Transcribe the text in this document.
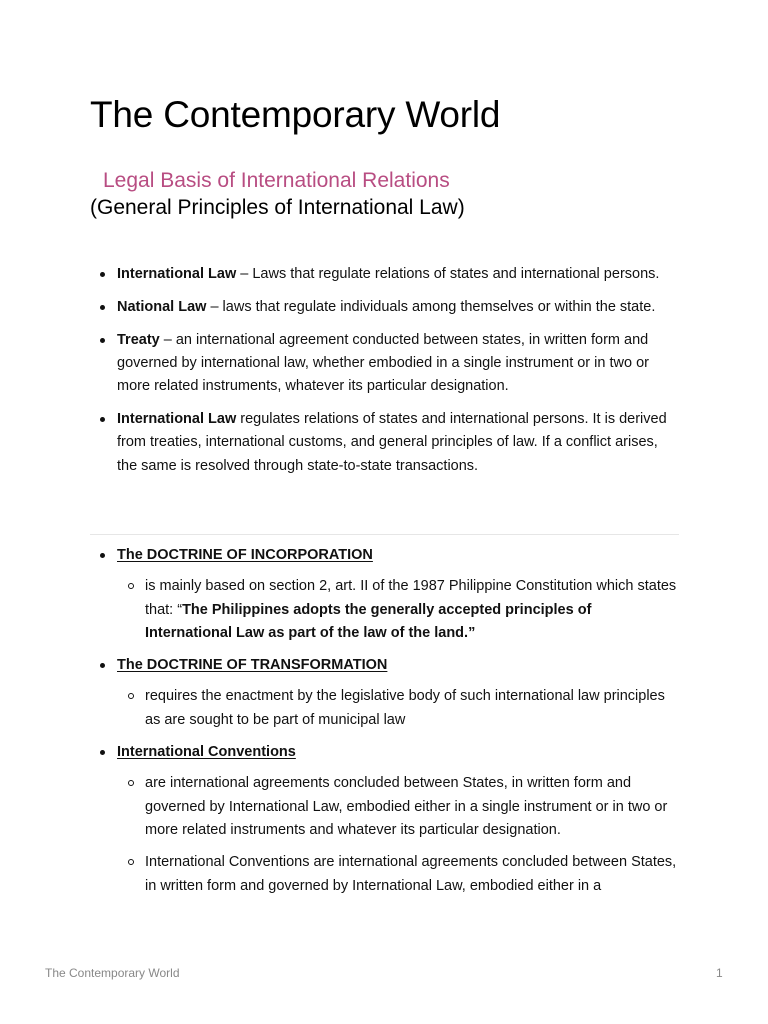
The Contemporary World
Legal Basis of International Relations
(General Principles of International Law)
International Law – Laws that regulate relations of states and international persons.
National Law – laws that regulate individuals among themselves or within the state.
Treaty – an international agreement conducted between states, in written form and governed by international law, whether embodied in a single instrument or in two or more related instruments, whatever its particular designation.
International Law regulates relations of states and international persons. It is derived from treaties, international customs, and general principles of law. If a conflict arises, the same is resolved through state-to-state transactions.
The DOCTRINE OF INCORPORATION
is mainly based on section 2, art. II of the 1987 Philippine Constitution which states that: “The Philippines adopts the generally accepted principles of International Law as part of the law of the land.”
The DOCTRINE OF TRANSFORMATION
requires the enactment by the legislative body of such international law principles as are sought to be part of municipal law
International Conventions
are international agreements concluded between States, in written form and governed by International Law, embodied either in a single instrument or in two or more related instruments and whatever its particular designation.
International Conventions are international agreements concluded between States, in written form and governed by International Law, embodied either in a
The Contemporary World	1
